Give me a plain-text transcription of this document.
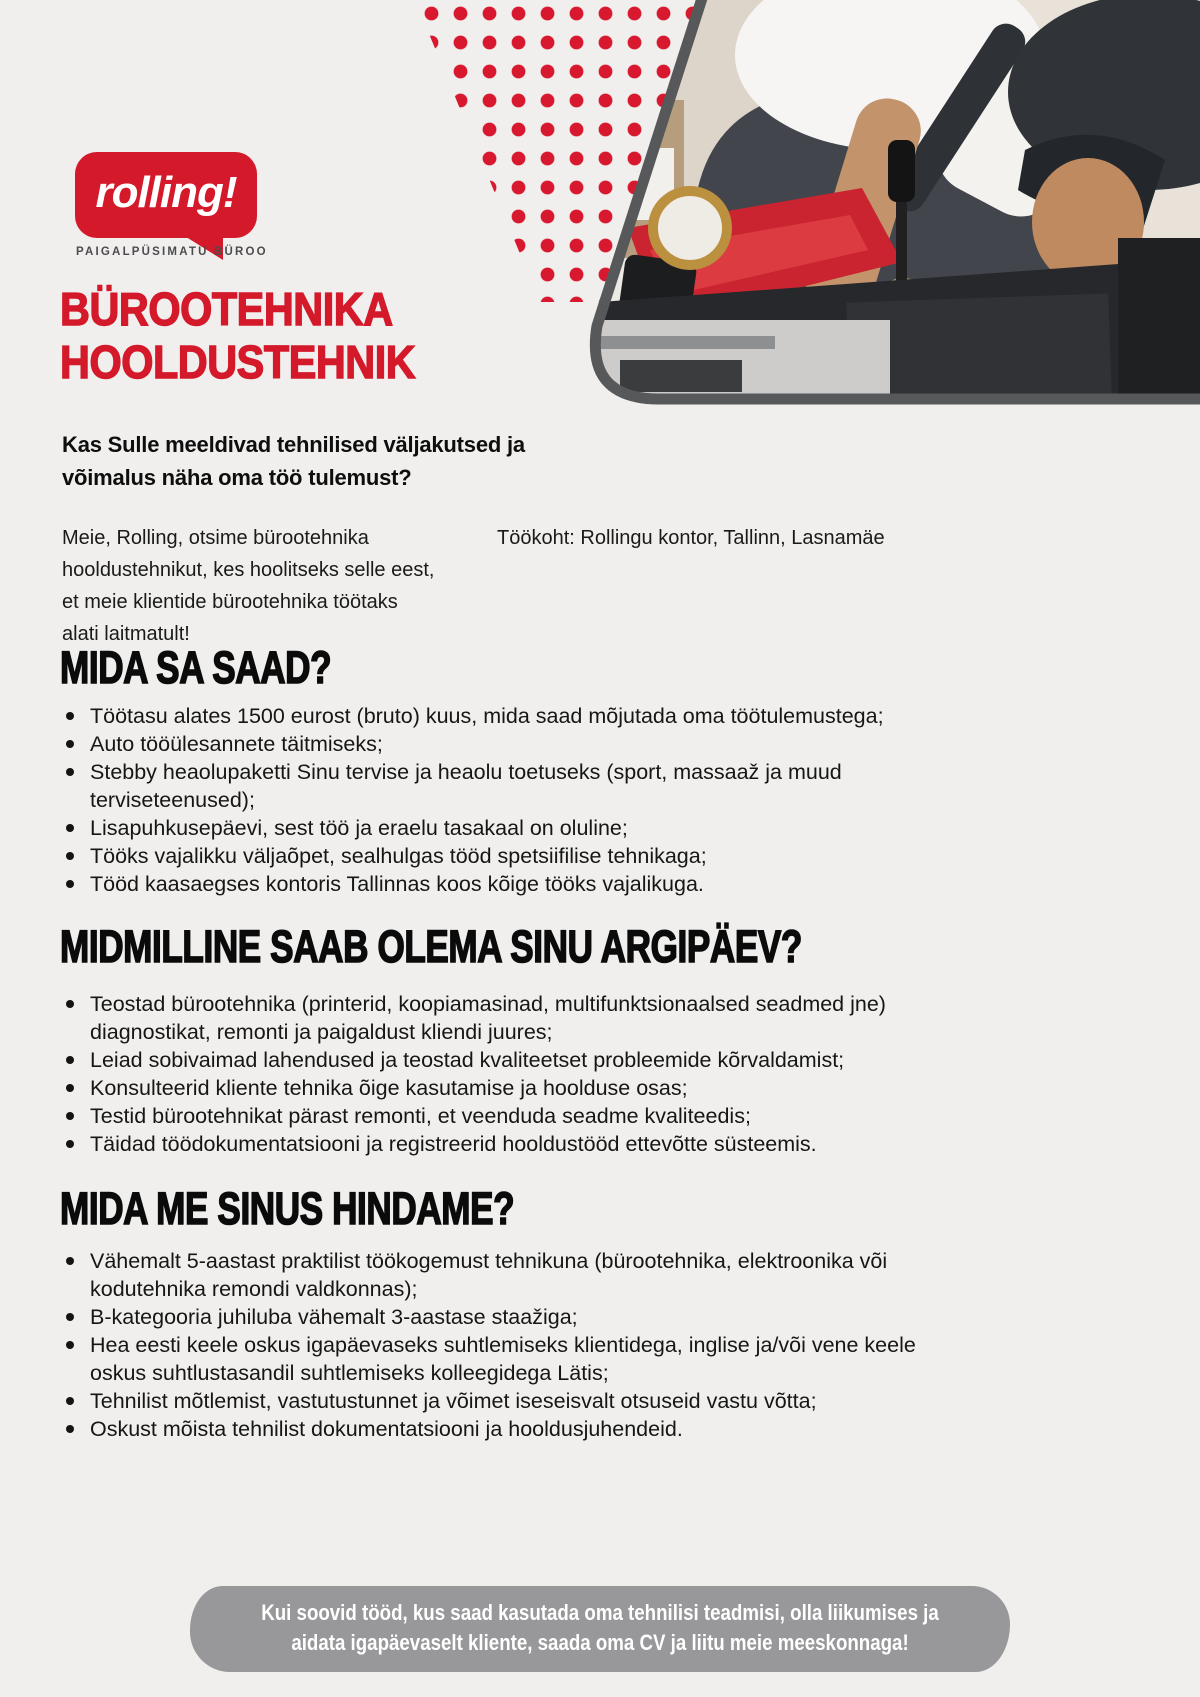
rolling!
PAIGALPÜSIMATU BÜROO
BÜROOTEHNIKA
HOOLDUSTEHNIK
Kas Sulle meeldivad tehnilised väljakutsed ja
võimalus näha oma töö tulemust?
Meie, Rolling, otsime bürootehnika
hooldustehnikut, kes hoolitseks selle eest,
et meie klientide bürootehnika töötaks
alati laitmatult!
Töökoht: Rollingu kontor, Tallinn, Lasnamäe
MIDA SA SAAD?
Töötasu alates 1500 eurost (bruto) kuus, mida saad mõjutada oma töötulemustega;
Auto tööülesannete täitmiseks;
Stebby heaolupaketti Sinu tervise ja heaolu toetuseks (sport, massaaž ja muud terviseteenused);
Lisapuhkusepäevi, sest töö ja eraelu tasakaal on oluline;
Tööks vajalikku väljaõpet, sealhulgas tööd spetsiifilise tehnikaga;
Tööd kaasaegses kontoris Tallinnas koos kõige tööks vajalikuga.
MIDMILLINE SAAB OLEMA SINU ARGIPÄEV?
Teostad bürootehnika (printerid, koopiamasinad, multifunktsionaalsed seadmed jne) diagnostikat, remonti ja paigaldust kliendi juures;
Leiad sobivaimad lahendused ja teostad kvaliteetset probleemide kõrvaldamist;
Konsulteerid kliente tehnika õige kasutamise ja hoolduse osas;
Testid bürootehnikat pärast remonti, et veenduda seadme kvaliteedis;
Täidad töödokumentatsiooni ja registreerid hooldustööd ettevõtte süsteemis.
MIDA ME SINUS HINDAME?
Vähemalt 5-aastast praktilist töökogemust tehnikuna (bürootehnika, elektroonika või kodutehnika remondi valdkonnas);
B-kategooria juhiluba vähemalt 3-aastase staažiga;
Hea eesti keele oskus igapäevaseks suhtlemiseks klientidega, inglise ja/või vene keele oskus suhtlustasandil suhtlemiseks kolleegidega Lätis;
Tehnilist mõtlemist, vastutustunnet ja võimet iseseisvalt otsuseid vastu võtta;
Oskust mõista tehnilist dokumentatsiooni ja hooldusjuhendeid.
Kui soovid tööd, kus saad kasutada oma tehnilisi teadmisi, olla liikumises ja
aidata igapäevaselt kliente, saada oma CV ja liitu meie meeskonnaga!
